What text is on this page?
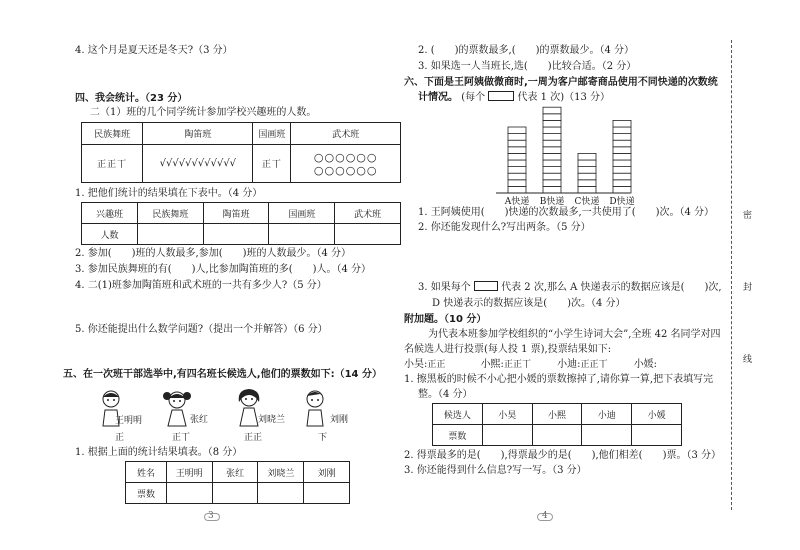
4. 这个月是夏天还是冬天?（3 分）
四、我会统计。（23 分）
二（1）班的几个同学统计参加学校兴趣班的人数。
民族舞班	陶笛班	国画班	武术班
正正丅	√√√√√√√√√√√√	正丅	○○○○○○
○○○○○○
1. 把他们统计的结果填在下表中。（4 分）
兴趣班	民族舞班	陶笛班	国画班	武术班
人数				
2. 参加(　　)班的人数最多,参加(　　)班的人数最少。（4 分）
3. 参加民族舞班的有(　　)人,比参加陶笛班的多(　　)人。（4 分）
4. 二(1)班参加陶笛班和武术班的一共有多少人?（5 分）
5. 你还能提出什么数学问题?（提出一个并解答）（6 分）
五、在一次班干部选举中,有四名班长候选人,他们的票数如下:（14 分）
王明明
正
张红
正丅
刘晓兰
正正
刘刚
下
1. 根据上面的统计结果填表。（8 分）
姓名	王明明	张红	刘晓兰	刘刚
票数				
3
2. (　　)的票数最多,(　　)的票数最少。（4 分）
3. 如果选一人当班长,选(　　)比较合适。（2 分）
六、下面是王阿姨做微商时,一周为客户邮寄商品使用不同快递的次数统
计情况。 (每个	代表 1 次)（13 分）
A快递 B快递 C快递 D快递
1. 王阿姨使用(　　)快递的次数最多,一共使用了(　　)次。（4 分）
2. 你还能发现什么?写出两条。（5 分）
3. 如果每个	代表 2 次,那么 A 快递表示的数据应该是(　　)次,
D 快递表示的数据应该是(　　)次。（4 分）
附加题。（10 分）
为代表本班参加学校组织的“小学生诗词大会”,全班 42 名同学对四
名候选人进行投票(每人投 1 票),投票结果如下:
小昊:正正	小熙:正正丅	小迪:正正丅	小媛:
1. 擦黑板的时候不小心把小媛的票数擦掉了,请你算一算,把下表填写完
整。（4 分）
候选人	小昊	小熙	小迪	小媛
票数				
2. 得票最多的是(　　),得票最少的是(　　),他们相差(　　)票。（3 分）
3. 你还能得到什么信息?写一写。（3 分）
4
密
封
线
